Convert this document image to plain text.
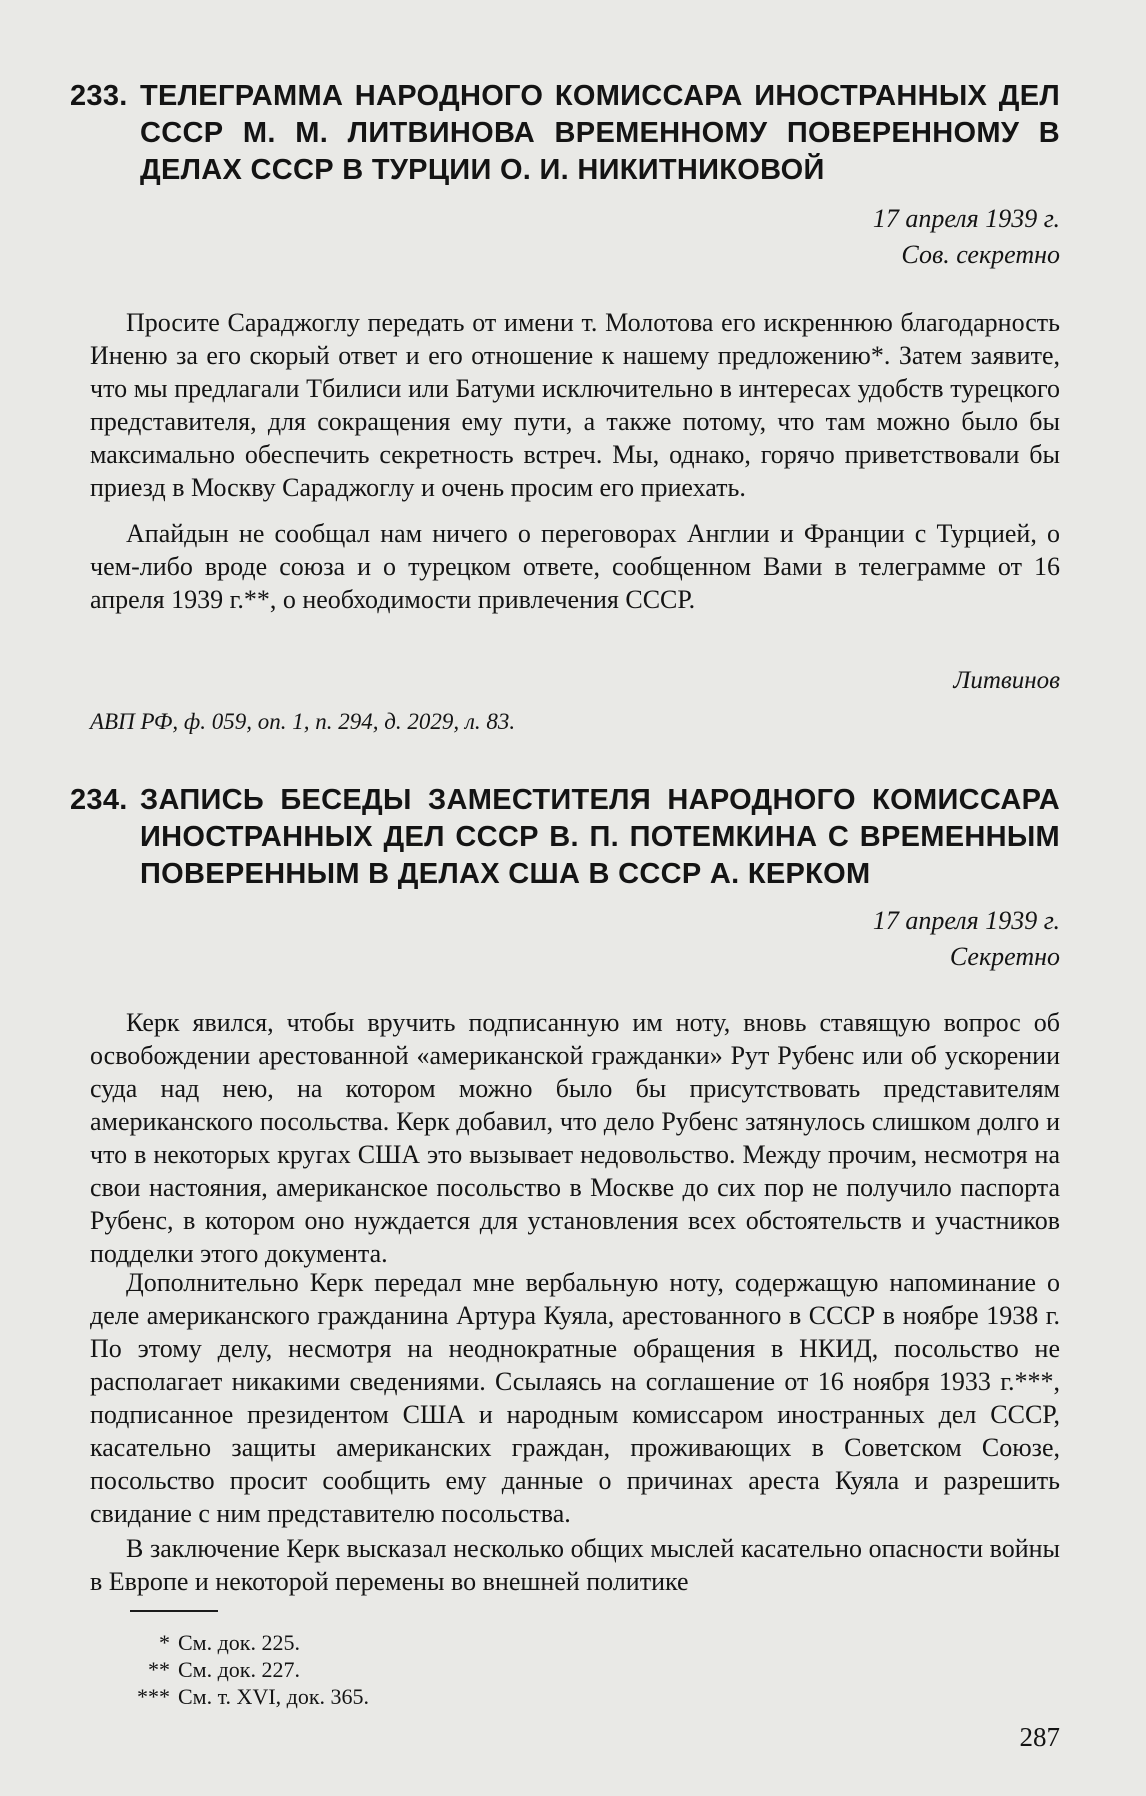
233. ТЕЛЕГРАММА НАРОДНОГО КОМИССАРА ИНОСТРАННЫХ ДЕЛ СССР М. М. ЛИТВИНОВА ВРЕМЕННОМУ ПОВЕРЕННОМУ В ДЕЛАХ СССР В ТУРЦИИ О. И. НИКИТНИКОВОЙ
17 апреля 1939 г.
Сов. секретно

Просите Сараджоглу передать от имени т. Молотова его искреннюю благодарность Иненю за его скорый ответ и его отношение к нашему предложению*. Затем заявите, что мы предлагали Тбилиси или Батуми исключительно в интересах удобств турецкого представителя, для сокращения ему пути, а также потому, что там можно было бы максимально обеспечить секретность встреч. Мы, однако, горячо приветствовали бы приезд в Москву Сараджоглу и очень просим его приехать.

Апайдын не сообщал нам ничего о переговорах Англии и Франции с Турцией, о чем-либо вроде союза и о турецком ответе, сообщенном Вами в телеграмме от 16 апреля 1939 г.**, о необходимости привлечения СССР.

Литвинов
АВП РФ, ф. 059, оп. 1, п. 294, д. 2029, л. 83.
234. ЗАПИСЬ БЕСЕДЫ ЗАМЕСТИТЕЛЯ НАРОДНОГО КОМИССАРА ИНОСТРАННЫХ ДЕЛ СССР В. П. ПОТЕМКИНА С ВРЕМЕННЫМ ПОВЕРЕННЫМ В ДЕЛАХ США В СССР А. КЕРКОМ
17 апреля 1939 г.
Секретно

Керк явился, чтобы вручить подписанную им ноту, вновь ставящую вопрос об освобождении арестованной «американской гражданки» Рут Рубенс или об ускорении суда над нею, на котором можно было бы присутствовать представителям американского посольства. Керк добавил, что дело Рубенс затянулось слишком долго и что в некоторых кругах США это вызывает недовольство. Между прочим, несмотря на свои настояния, американское посольство в Москве до сих пор не получило паспорта Рубенс, в котором оно нуждается для установления всех обстоятельств и участников подделки этого документа.

Дополнительно Керк передал мне вербальную ноту, содержащую напоминание о деле американского гражданина Артура Куяла, арестованного в СССР в ноябре 1938 г. По этому делу, несмотря на неоднократные обращения в НКИД, посольство не располагает никакими сведениями. Ссылаясь на соглашение от 16 ноября 1933 г.***, подписанное президентом США и народным комиссаром иностранных дел СССР, касательно защиты американских граждан, проживающих в Советском Союзе, посольство просит сообщить ему данные о причинах ареста Куяла и разрешить свидание с ним представителю посольства.

В заключение Керк высказал несколько общих мыслей касательно опасности войны в Европе и некоторой перемены во внешней политике

* См. док. 225.
** См. док. 227.
*** См. т. XVI, док. 365.
287
